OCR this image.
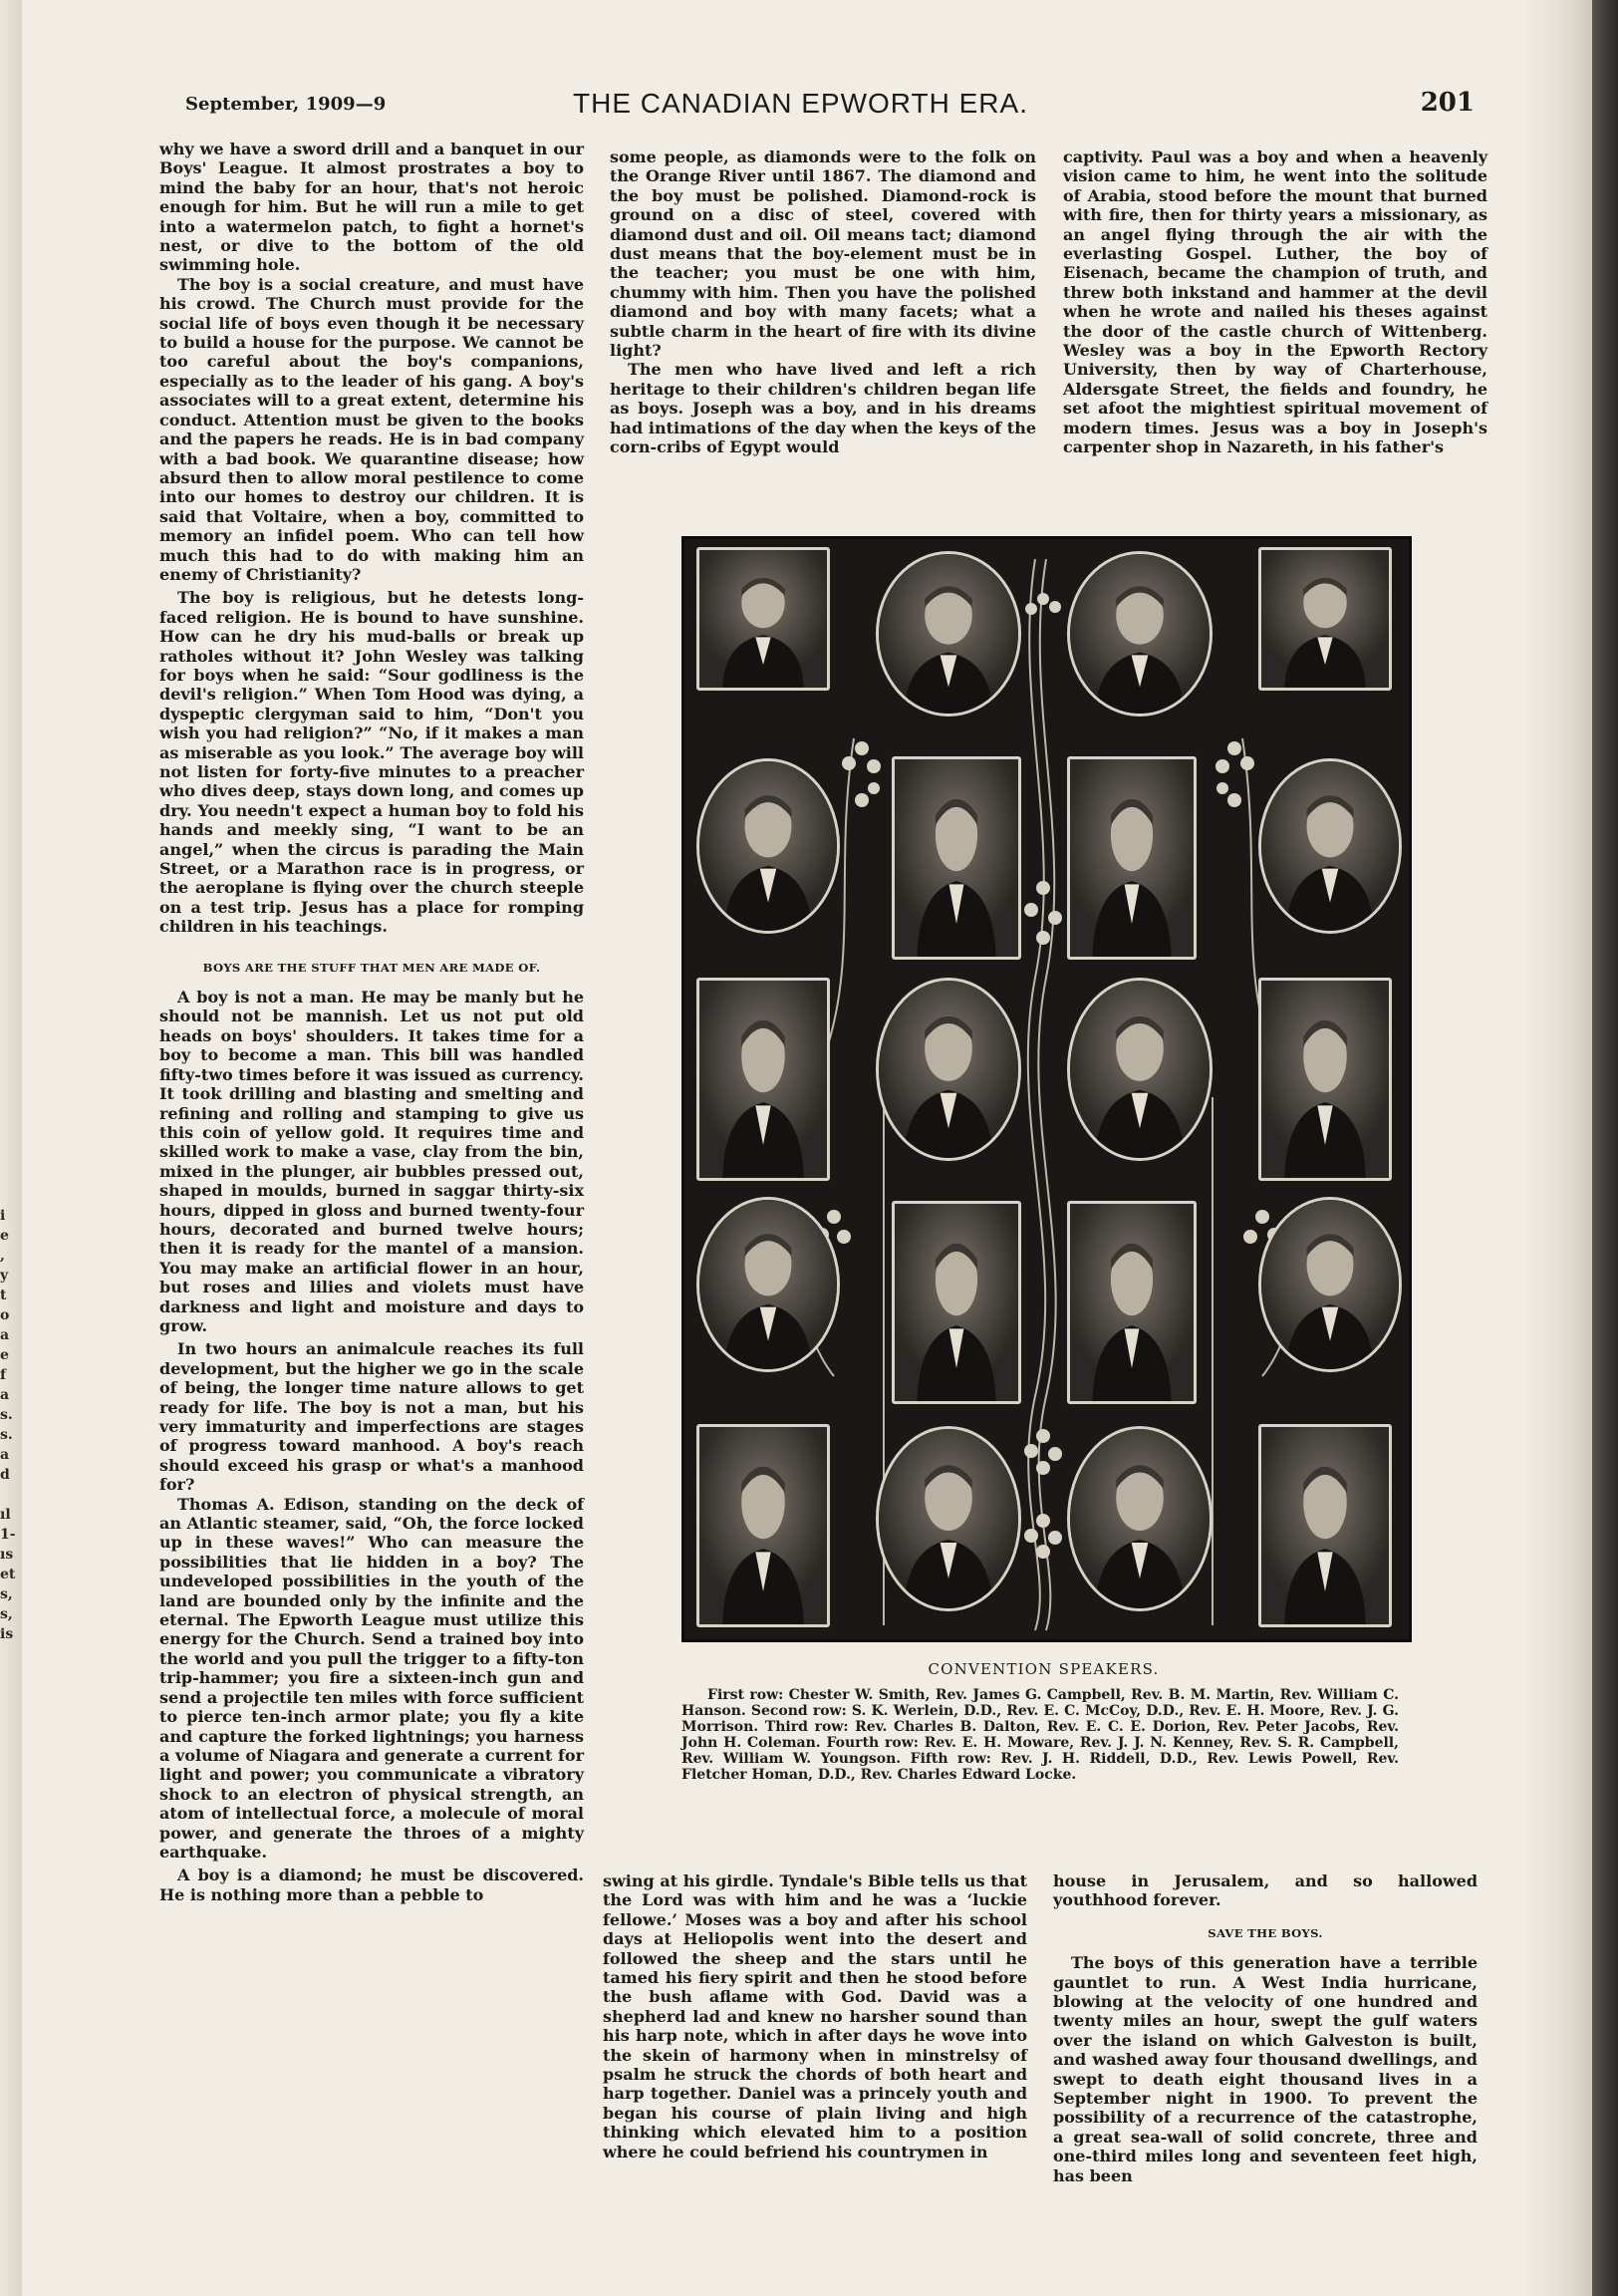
i
e
,
y
t
o
a
e
f
a
s.
s.
a
d
ıl
1-
ıs
et
s,
s,
is
September, 1909—9	THE CANADIAN EPWORTH ERA.	201

why we have a sword drill and a banquet in our Boys' League. It almost prostrates a boy to mind the baby for an hour, that's not heroic enough for him. But he will run a mile to get into a watermelon patch, to fight a hornet's nest, or dive to the bottom of the old swimming hole.

The boy is a social creature, and must have his crowd. The Church must provide for the social life of boys even though it be necessary to build a house for the purpose. We cannot be too careful about the boy's companions, especially as to the leader of his gang. A boy's associates will to a great extent, determine his conduct. Attention must be given to the books and the papers he reads. He is in bad company with a bad book. We quarantine disease; how absurd then to allow moral pestilence to come into our homes to destroy our children. It is said that Voltaire, when a boy, committed to memory an infidel poem. Who can tell how much this had to do with making him an enemy of Christianity?

The boy is religious, but he detests long-faced religion. He is bound to have sunshine. How can he dry his mud-balls or break up ratholes without it? John Wesley was talking for boys when he said: “Sour godliness is the devil's religion.” When Tom Hood was dying, a dyspeptic clergyman said to him, “Don't you wish you had religion?” “No, if it makes a man as miserable as you look.” The average boy will not listen for forty-five minutes to a preacher who dives deep, stays down long, and comes up dry. You needn't expect a human boy to fold his hands and meekly sing, “I want to be an angel,” when the circus is parading the Main Street, or a Marathon race is in progress, or the aeroplane is flying over the church steeple on a test trip. Jesus has a place for romping children in his teachings.

BOYS ARE THE STUFF THAT MEN ARE MADE OF.

A boy is not a man. He may be manly but he should not be mannish. Let us not put old heads on boys' shoulders. It takes time for a boy to become a man. This bill was handled fifty-two times before it was issued as currency. It took drilling and blasting and smelting and refining and rolling and stamping to give us this coin of yellow gold. It requires time and skilled work to make a vase, clay from the bin, mixed in the plunger, air bubbles pressed out, shaped in moulds, burned in saggar thirty-six hours, dipped in gloss and burned twenty-four hours, decorated and burned twelve hours; then it is ready for the mantel of a mansion. You may make an artificial flower in an hour, but roses and lilies and violets must have darkness and light and moisture and days to grow.

In two hours an animalcule reaches its full development, but the higher we go in the scale of being, the longer time nature allows to get ready for life. The boy is not a man, but his very immaturity and imperfections are stages of progress toward manhood. A boy's reach should exceed his grasp or what's a manhood for?

Thomas A. Edison, standing on the deck of an Atlantic steamer, said, “Oh, the force locked up in these waves!” Who can measure the possibilities that lie hidden in a boy? The undeveloped possibilities in the youth of the land are bounded only by the infinite and the eternal. The Epworth League must utilize this energy for the Church. Send a trained boy into the world and you pull the trigger to a fifty-ton trip-hammer; you fire a sixteen-inch gun and send a projectile ten miles with force sufficient to pierce ten-inch armor plate; you fly a kite and capture the forked lightnings; you harness a volume of Niagara and generate a current for light and power; you communicate a vibratory shock to an electron of physical strength, an atom of intellectual force, a molecule of moral power, and generate the throes of a mighty earthquake.

A boy is a diamond; he must be discovered. He is nothing more than a pebble to

some people, as diamonds were to the folk on the Orange River until 1867. The diamond and the boy must be polished. Diamond-rock is ground on a disc of steel, covered with diamond dust and oil. Oil means tact; diamond dust means that the boy-element must be in the teacher; you must be one with him, chummy with him. Then you have the polished diamond and boy with many facets; what a subtle charm in the heart of fire with its divine light?

The men who have lived and left a rich heritage to their children's children began life as boys. Joseph was a boy, and in his dreams had intimations of the day when the keys of the corn-cribs of Egypt would

captivity. Paul was a boy and when a heavenly vision came to him, he went into the solitude of Arabia, stood before the mount that burned with fire, then for thirty years a missionary, as an angel flying through the air with the everlasting Gospel. Luther, the boy of Eisenach, became the champion of truth, and threw both inkstand and hammer at the devil when he wrote and nailed his theses against the door of the castle church of Wittenberg. Wesley was a boy in the Epworth Rectory University, then by way of Charterhouse, Aldersgate Street, the fields and foundry, he set afoot the mightiest spiritual movement of modern times. Jesus was a boy in Joseph's carpenter shop in Nazareth, in his father's

CONVENTION SPEAKERS.
First row: Chester W. Smith, Rev. James G. Campbell, Rev. B. M. Martin, Rev. William C. Hanson. Second row: S. K. Werlein, D.D., Rev. E. C. McCoy, D.D., Rev. E. H. Moore, Rev. J. G. Morrison. Third row: Rev. Charles B. Dalton, Rev. E. C. E. Dorion, Rev. Peter Jacobs, Rev. John H. Coleman. Fourth row: Rev. E. H. Moware, Rev. J. J. N. Kenney, Rev. S. R. Campbell, Rev. William W. Youngson. Fifth row: Rev. J. H. Riddell, D.D., Rev. Lewis Powell, Rev. Fletcher Homan, D.D., Rev. Charles Edward Locke.

swing at his girdle. Tyndale's Bible tells us that the Lord was with him and he was a ‘luckie fellowe.’ Moses was a boy and after his school days at Heliopolis went into the desert and followed the sheep and the stars until he tamed his fiery spirit and then he stood before the bush aflame with God. David was a shepherd lad and knew no harsher sound than his harp note, which in after days he wove into the skein of harmony when in minstrelsy of psalm he struck the chords of both heart and harp together. Daniel was a princely youth and began his course of plain living and high thinking which elevated him to a position where he could befriend his countrymen in

house in Jerusalem, and so hallowed youthhood forever.

SAVE THE BOYS.

The boys of this generation have a terrible gauntlet to run. A West India hurricane, blowing at the velocity of one hundred and twenty miles an hour, swept the gulf waters over the island on which Galveston is built, and washed away four thousand dwellings, and swept to death eight thousand lives in a September night in 1900. To prevent the possibility of a recurrence of the catastrophe, a great sea-wall of solid concrete, three and one-third miles long and seventeen feet high, has been
